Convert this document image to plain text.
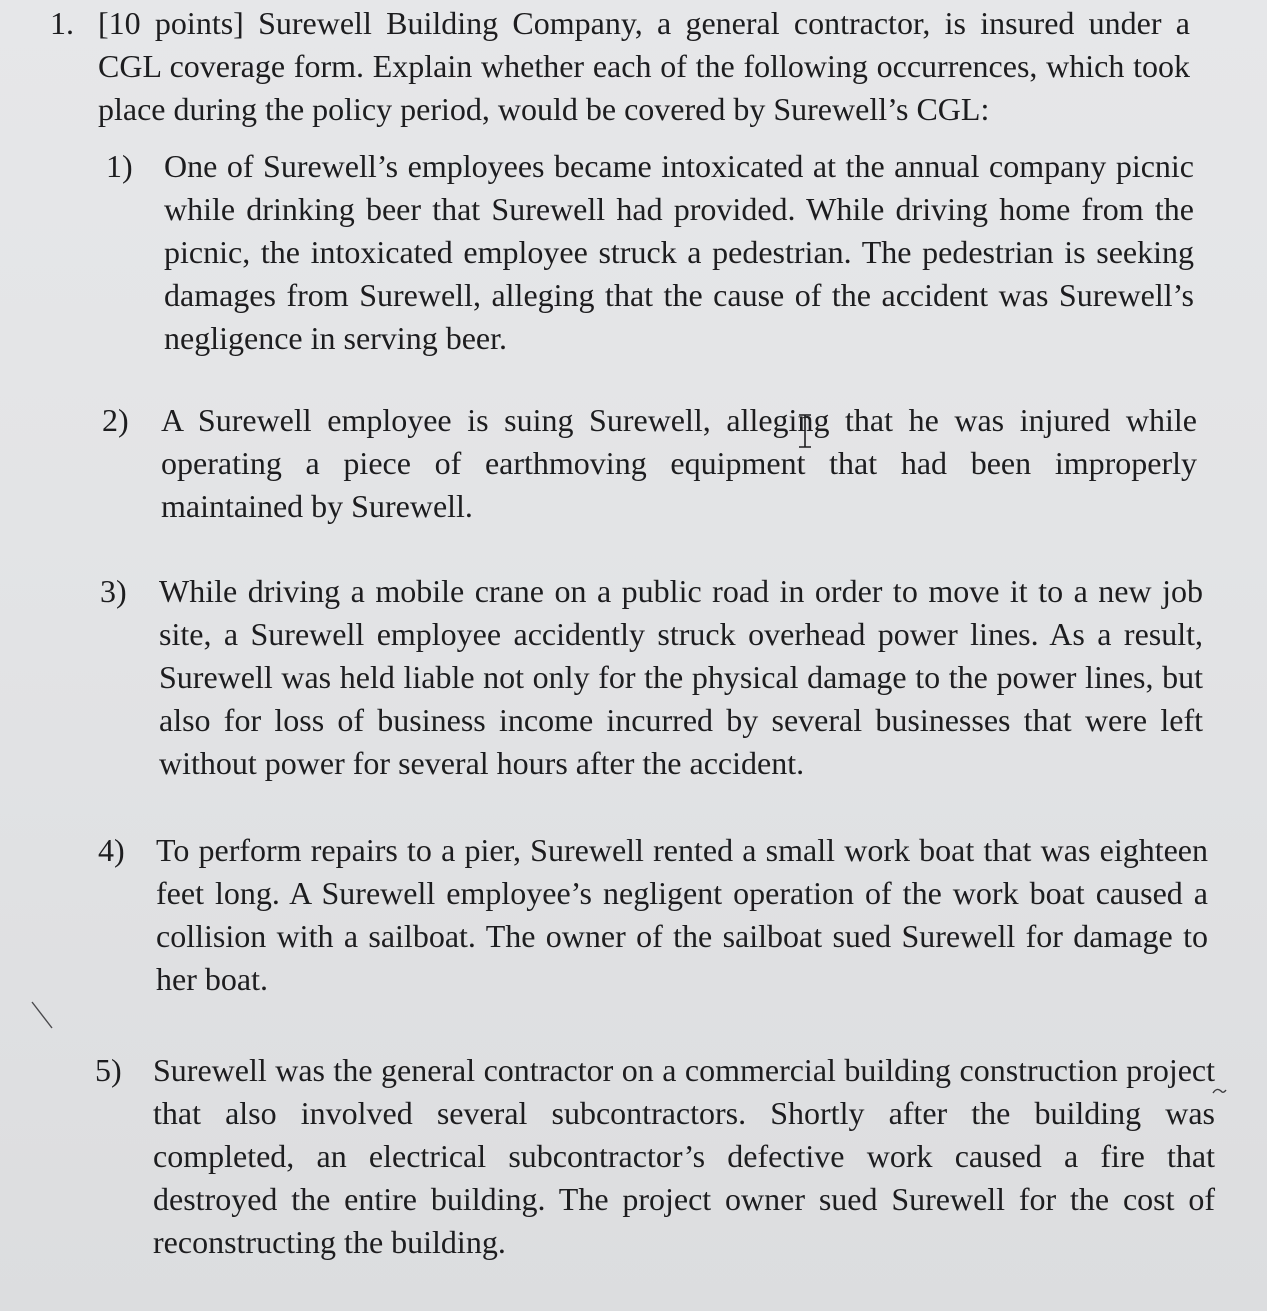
1. [10 points] Surewell Building Company, a general contractor, is insured under a CGL coverage form. Explain whether each of the following occurrences, which took place during the policy period, would be covered by Surewell’s CGL:
1) One of Surewell’s employees became intoxicated at the annual company picnic while drinking beer that Surewell had provided. While driving home from the picnic, the intoxicated employee struck a pedestrian. The pedestrian is seeking damages from Surewell, alleging that the cause of the accident was Surewell’s negligence in serving beer.
2) A Surewell employee is suing Surewell, alleging that he was injured while operating a piece of earthmoving equipment that had been improperly maintained by Surewell.
3) While driving a mobile crane on a public road in order to move it to a new job site, a Surewell employee accidently struck overhead power lines. As a result, Surewell was held liable not only for the physical damage to the power lines, but also for loss of business income incurred by several businesses that were left without power for several hours after the accident.
4) To perform repairs to a pier, Surewell rented a small work boat that was eighteen feet long. A Surewell employee’s negligent operation of the work boat caused a collision with a sailboat. The owner of the sailboat sued Surewell for damage to her boat.
5) Surewell was the general contractor on a commercial building construction project that also involved several subcontractors. Shortly after the building was completed, an electrical subcontractor’s defective work caused a fire that destroyed the entire building. The project owner sued Surewell for the cost of reconstructing the building.
